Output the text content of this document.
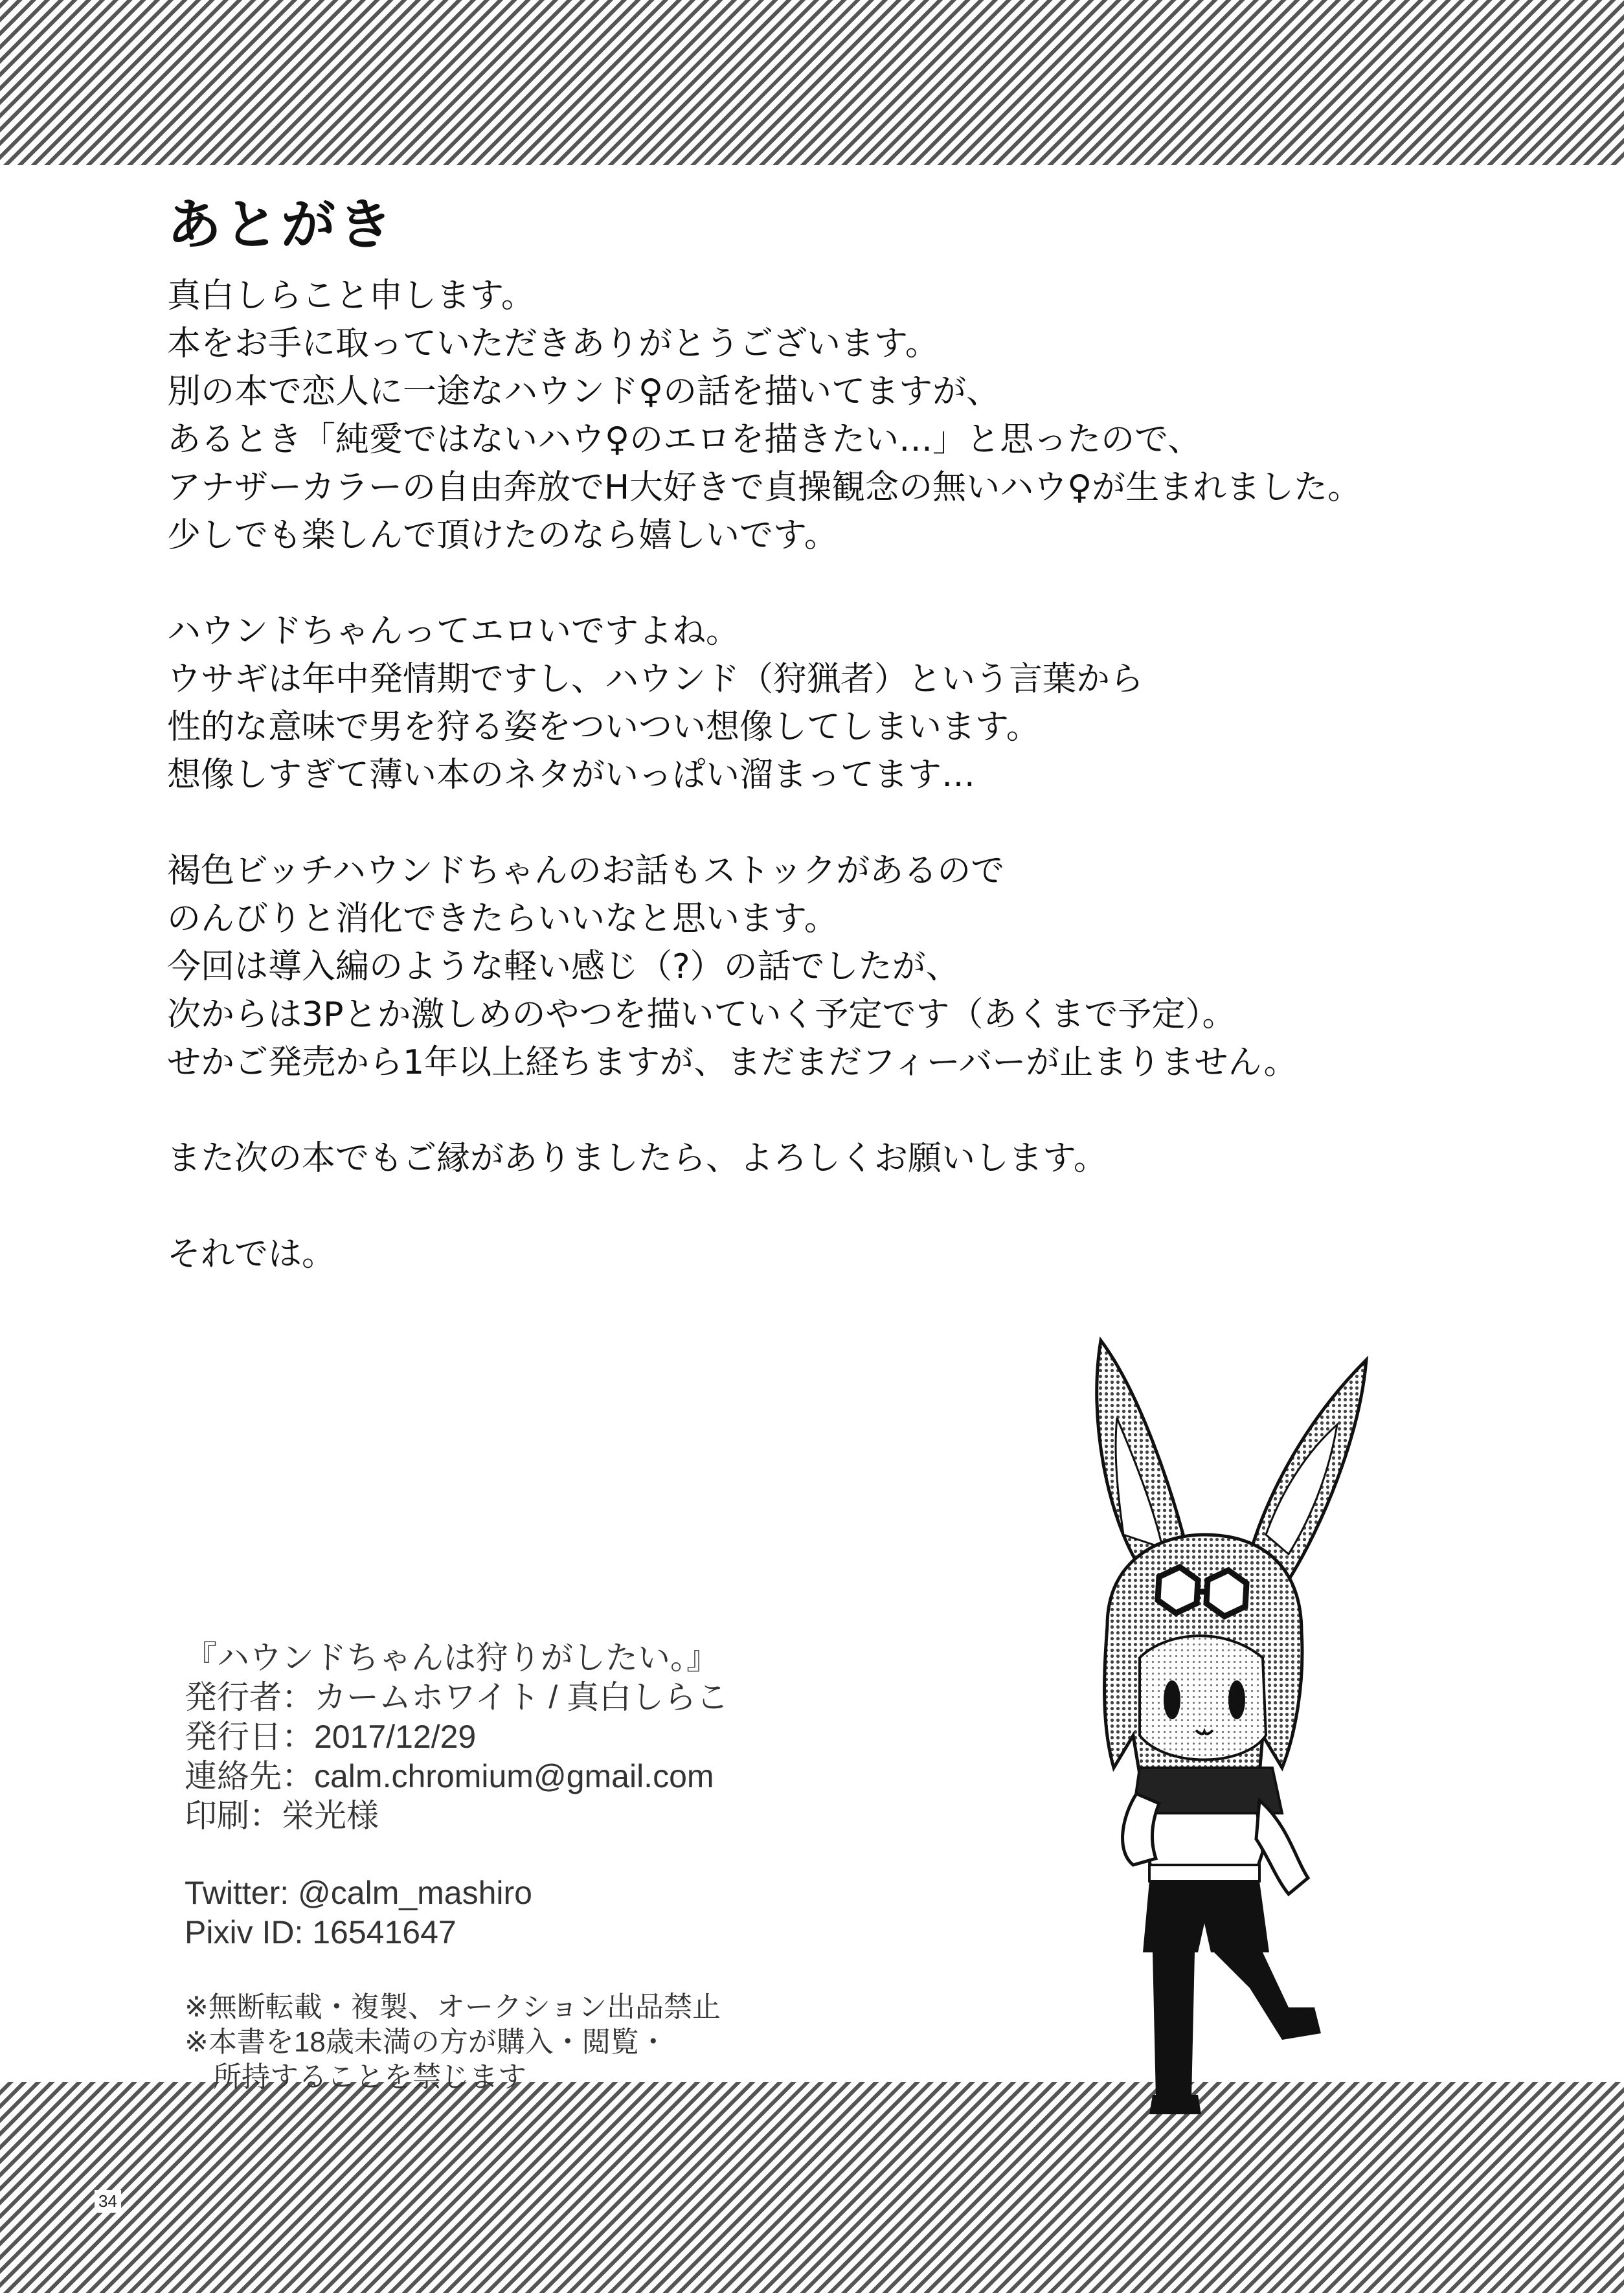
あとがき
真白しらこと申します。
本をお手に取っていただきありがとうございます。
別の本で恋人に一途なハウンド♀の話を描いてますが、
あるとき「純愛ではないハウ♀のエロを描きたい…」と思ったので、
アナザーカラーの自由奔放でH大好きで貞操観念の無いハウ♀が生まれました。
少しでも楽しんで頂けたのなら嬉しいです。
ハウンドちゃんってエロいですよね。
ウサギは年中発情期ですし、ハウンド（狩猟者）という言葉から
性的な意味で男を狩る姿をついつい想像してしまいます。
想像しすぎて薄い本のネタがいっぱい溜まってます…
褐色ビッチハウンドちゃんのお話もストックがあるので
のんびりと消化できたらいいなと思います。
今回は導入編のような軽い感じ（?）の話でしたが、
次からは3Pとか激しめのやつを描いていく予定です（あくまで予定）。
せかご発売から1年以上経ちますが、まだまだフィーバーが止まりません。
また次の本でもご縁がありましたら、よろしくお願いします。
それでは。
『ハウンドちゃんは狩りがしたい。』
発行者：カームホワイト / 真白しらこ
発行日：2017/12/29
連絡先：calm.chromium@gmail.com
印刷：栄光様
Twitter: @calm_mashiro
Pixiv ID: 16541647
※無断転載・複製、オークション出品禁止
※本書を18歳未満の方が購入・閲覧・
　所持することを禁じます
34
